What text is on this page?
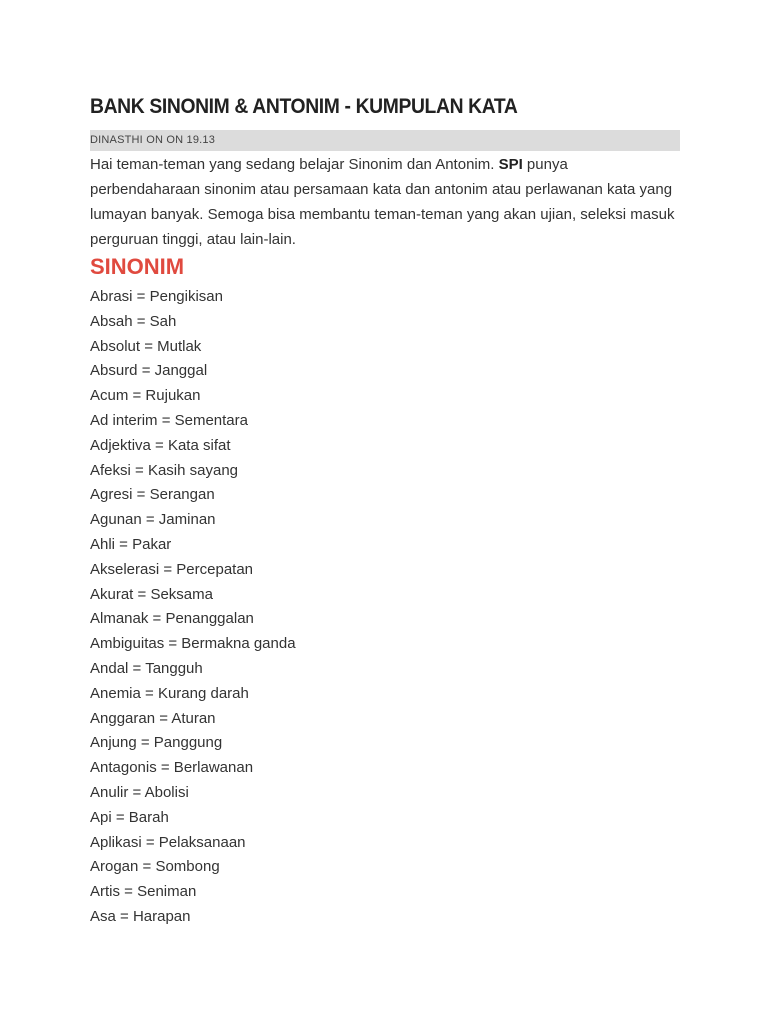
BANK SINONIM & ANTONIM - KUMPULAN KATA
DINASTHI ON ON 19.13

Hai teman-teman yang sedang belajar Sinonim dan Antonim. SPI punya perbendaharaan sinonim atau persamaan kata dan antonim atau perlawanan kata yang lumayan banyak. Semoga bisa membantu teman-teman yang akan ujian, seleksi masuk perguruan tinggi, atau lain-lain.

SINONIM
Abrasi = Pengikisan
Absah = Sah
Absolut = Mutlak
Absurd = Janggal
Acum = Rujukan
Ad interim = Sementara
Adjektiva = Kata sifat
Afeksi = Kasih sayang
Agresi = Serangan
Agunan = Jaminan
Ahli = Pakar
Akselerasi = Percepatan
Akurat = Seksama
Almanak = Penanggalan
Ambiguitas = Bermakna ganda
Andal = Tangguh
Anemia = Kurang darah
Anggaran = Aturan
Anjung = Panggung
Antagonis = Berlawanan
Anulir = Abolisi
Api = Barah
Aplikasi = Pelaksanaan
Arogan = Sombong
Artis = Seniman
Asa = Harapan
